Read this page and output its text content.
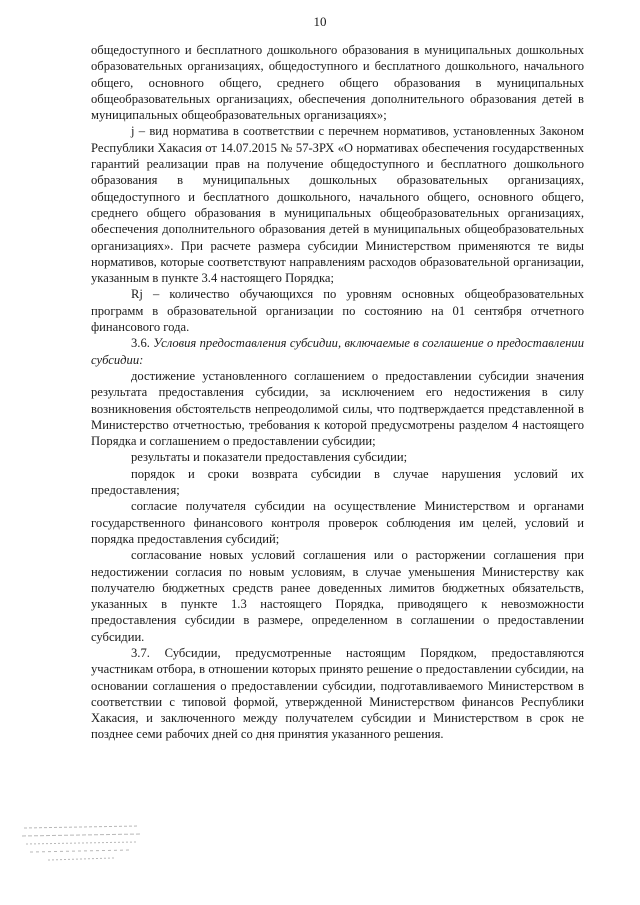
10

общедоступного и бесплатного дошкольного образования в муниципальных дошкольных образовательных организациях, общедоступного и бесплатного дошкольного, начального общего, основного общего, среднего общего образования в муниципальных общеобразовательных организациях, обеспечения дополнительного образования детей в муниципальных общеобразовательных организациях»;

j – вид норматива в соответствии с перечнем нормативов, установленных Законом Республики Хакасия от 14.07.2015 № 57-ЗРХ «О нормативах обеспечения государственных гарантий реализации прав на получение общедоступного и бесплатного дошкольного образования в муниципальных дошкольных образовательных организациях, общедоступного и бесплатного дошкольного, начального общего, основного общего, среднего общего образования в муниципальных общеобразовательных организациях, обеспечения дополнительного образования детей в муниципальных общеобразовательных организациях». При расчете размера субсидии Министерством применяются те виды нормативов, которые соответствуют направлениям расходов образовательной организации, указанным в пункте 3.4 настоящего Порядка;

Rj – количество обучающихся по уровням основных общеобразовательных программ в образовательной организации по состоянию на 01 сентября отчетного финансового года.

3.6. Условия предоставления субсидии, включаемые в соглашение о предоставлении субсидии:

достижение установленного соглашением о предоставлении субсидии значения результата предоставления субсидии, за исключением его недостижения в силу возникновения обстоятельств непреодолимой силы, что подтверждается представленной в Министерство отчетностью, требования к которой предусмотрены разделом 4 настоящего Порядка и соглашением о предоставлении субсидии;

результаты и показатели предоставления субсидии;

порядок и сроки возврата субсидии в случае нарушения условий их предоставления;

согласие получателя субсидии на осуществление Министерством и органами государственного финансового контроля проверок соблюдения им целей, условий и порядка предоставления субсидий;

согласование новых условий соглашения или о расторжении соглашения при недостижении согласия по новым условиям, в случае уменьшения Министерству как получателю бюджетных средств ранее доведенных лимитов бюджетных обязательств, указанных в пункте 1.3 настоящего Порядка, приводящего к невозможности предоставления субсидии в размере, определенном в соглашении о предоставлении субсидии.

3.7. Субсидии, предусмотренные настоящим Порядком, предоставляются участникам отбора, в отношении которых принято решение о предоставлении субсидии, на основании соглашения о предоставлении субсидии, подготавливаемого Министерством в соответствии с типовой формой, утвержденной Министерством финансов Республики Хакасия, и заключенного между получателем субсидии и Министерством в срок не позднее семи рабочих дней со дня принятия указанного решения.
